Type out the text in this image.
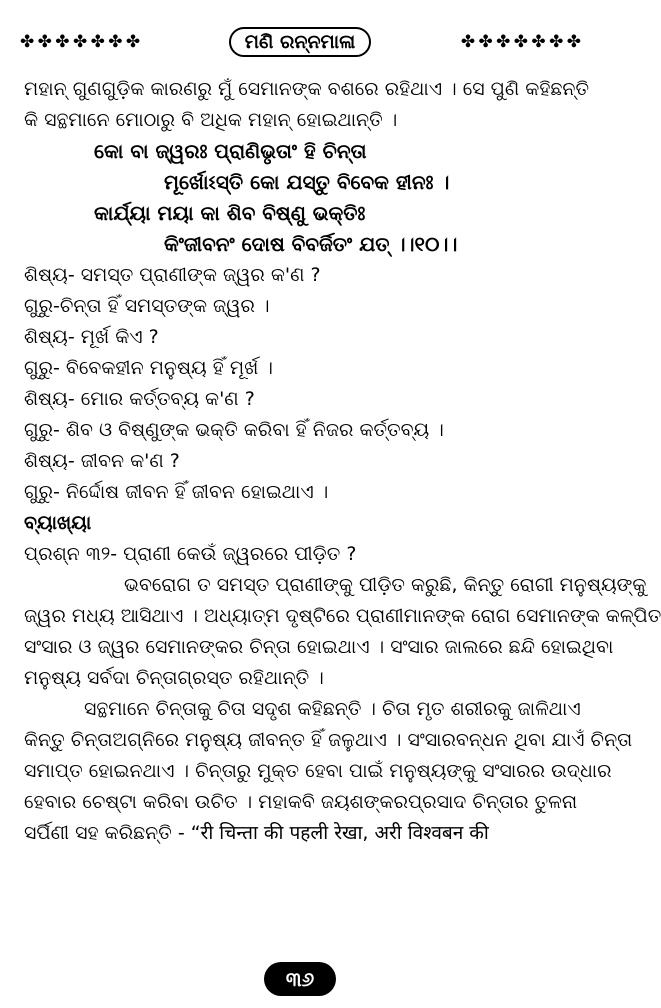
✤ ✤ ✤ ✤ ✤ ✤ ✤	ମଣି ରନ୍ନମାଳା	✤ ✤ ✤ ✤ ✤ ✤ ✤
ମହାନ୍ ଗୁଣଗୁଡ଼ିକ କାରଣରୁ ମୁଁ ସେମାନଙ୍କ ବଶରେ ରହିଥାଏ । ସେ ପୁଣି କହିଛନ୍ତି
କି ସନ୍ଥମାନେ ମୋଠାରୁ ବି ଅଧିକ ମହାନ୍ ହୋଇଥାନ୍ତି ।
କୋ ବା ଜ୍ୱରଃ ପ୍ରାଣିଭୃତାଂ ହି ଚିନ୍ତା
ମୂର୍ଖୋଽସ୍ତି କୋ ଯସ୍ତୁ ବିବେକ ହୀନଃ ।
କାର୍ଯ୍ୟା ମୟା କା ଶିବ ବିଷ୍ଣୁ ଭକ୍ତିଃ
କିଂଜୀବନଂ ଦୋଷ ବିବର୍ଜିତଂ ଯତ୍ ।।୧୦।।
ଶିଷ୍ୟ- ସମସ୍ତ ପ୍ରାଣୀଙ୍କ ଜ୍ୱର କ'ଣ ?
ଗୁରୁ-ଚିନ୍ତା ହିଁ ସମସ୍ତଙ୍କ ଜ୍ୱର ।
ଶିଷ୍ୟ- ମୂର୍ଖ କିଏ ?
ଗୁରୁ- ବିବେକହୀନ ମନୁଷ୍ୟ ହିଁ ମୂର୍ଖ ।
ଶିଷ୍ୟ- ମୋର କର୍ତ୍ତବ୍ୟ କ'ଣ ?
ଗୁରୁ- ଶିବ ଓ ବିଷ୍ଣୁଙ୍କ ଭକ୍ତି କରିବା ହିଁ ନିଜର କର୍ତ୍ତବ୍ୟ ।
ଶିଷ୍ୟ- ଜୀବନ କ'ଣ ?
ଗୁରୁ- ନିର୍ଦ୍ଦୋଷ ଜୀବନ ହିଁ ଜୀବନ ହୋଇଥାଏ ।
ବ୍ୟାଖ୍ୟା
ପ୍ରଶ୍ନ ୩୨- ପ୍ରାଣୀ କେଉଁ ଜ୍ୱରରେ ପୀଡ଼ିତ ?
ଭବରୋଗ ତ ସମସ୍ତ ପ୍ରାଣୀଙ୍କୁ ପୀଡ଼ିତ କରୁଛି, କିନ୍ତୁ ରୋଗୀ ମନୁଷ୍ୟଙ୍କୁ
ଜ୍ୱର ମଧ୍ୟ ଆସିଥାଏ । ଅଧ୍ୟାତ୍ମ ଦୃଷ୍ଟିରେ ପ୍ରାଣୀମାନଙ୍କ ରୋଗ ସେମାନଙ୍କ କଳ୍ପିତ
ସଂସାର ଓ ଜ୍ୱର ସେମାନଙ୍କର ଚିନ୍ତା ହୋଇଥାଏ । ସଂସାର ଜାଲରେ ଛନ୍ଦି ହୋଇଥିବା
ମନୁଷ୍ୟ ସର୍ବଦା ଚିନ୍ତାଗ୍ରସ୍ତ ରହିଥାନ୍ତି ।
ସନ୍ଥମାନେ ଚିନ୍ତାକୁ ଚିତା ସଦୃଶ କହିଛନ୍ତି । ଚିତା ମୃତ ଶରୀରକୁ ଜାଳିଥାଏ
କିନ୍ତୁ ଚିନ୍ତାଅଗ୍ନିରେ ମନୁଷ୍ୟ ଜୀବନ୍ତ ହିଁ ଜଳୁଥାଏ । ସଂସାରବନ୍ଧନ ଥିବା ଯାଏଁ ଚିନ୍ତା
ସମାପ୍ତ ହୋଇନଥାଏ । ଚିନ୍ତାରୁ ମୁକ୍ତ ହେବା ପାଇଁ ମନୁଷ୍ୟଙ୍କୁ ସଂସାରର ଉଦ୍ଧାର
ହେବାର ଚେଷ୍ଟା କରିବା ଉଚିତ । ମହାକବି ଜୟଶଙ୍କରପ୍ରସାଦ ଚିନ୍ତାର ତୁଳନା
ସର୍ପିଣୀ ସହ କରିଛନ୍ତି - “री चिन्ता की पहली रेखा, अरी विश्‍वबन की
୩୬
